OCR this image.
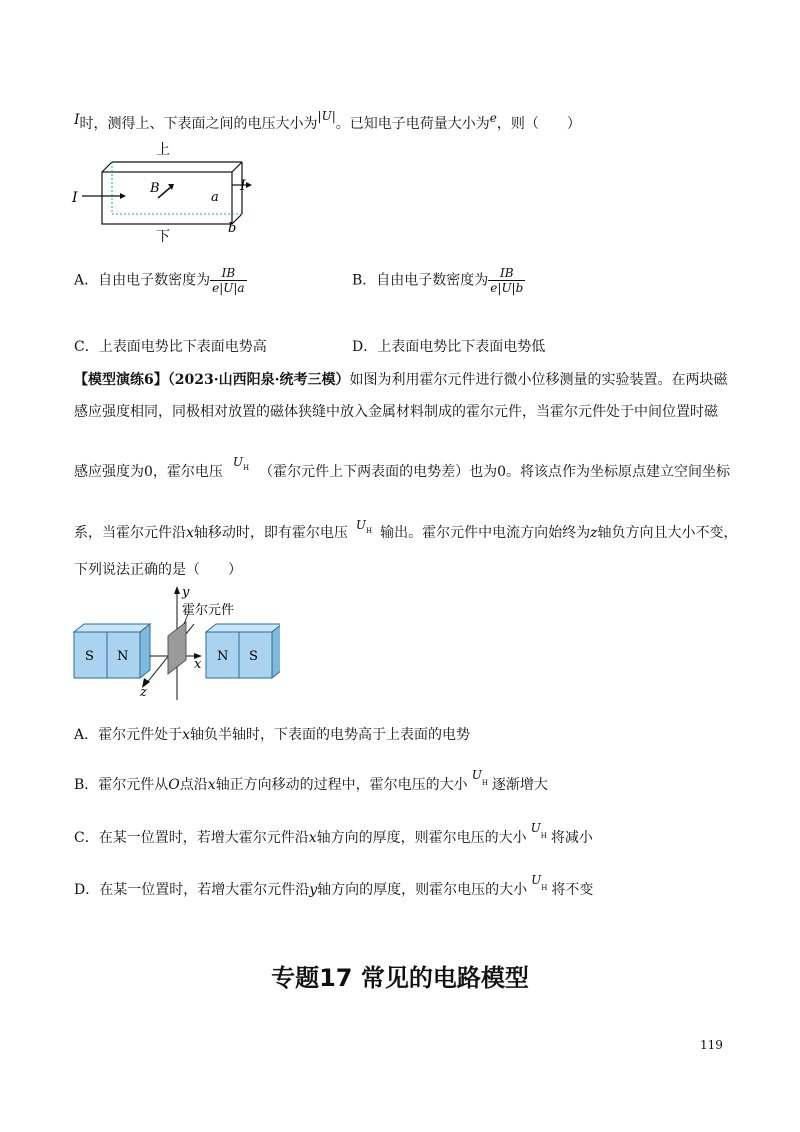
I时，测得上、下表面之间的电压大小为|U|。已知电子电荷量大小为e，则（　　）
上
下
I
I
B
a
b
A．自由电子数密度为 $\frac{IB}{e|U|a}$	B．自由电子数密度为 $\frac{IB}{e|U|b}$
C．上表面电势比下表面电势高	D．上表面电势比下表面电势低
【模型演练6】（2023·山西阳泉·统考三模）如图为利用霍尔元件进行微小位移测量的实验装置。在两块磁
感应强度相同，同极相对放置的磁体狭缝中放入金属材料制成的霍尔元件，当霍尔元件处于中间位置时磁
感应强度为0，霍尔电压$U^H$ （霍尔元件上下两表面的电势差）也为0。将该点作为坐标原点建立空间坐标
系，当霍尔元件沿x轴移动时，即有霍尔电压 $U^H$ 输出。霍尔元件中电流方向始终为z轴负方向且大小不变，
下列说法正确的是（　　）
S N	N S
y
x
z
霍尔元件
A．霍尔元件处于x轴负半轴时，下表面的电势高于上表面的电势
B．霍尔元件从O点沿x轴正方向移动的过程中，霍尔电压的大小$U^H$ 逐渐增大
C．在某一位置时，若增大霍尔元件沿x轴方向的厚度，则霍尔电压的大小$U^H$ 将减小
D．在某一位置时，若增大霍尔元件沿y轴方向的厚度，则霍尔电压的大小$U^H$ 将不变
专题17 常见的电路模型
119
